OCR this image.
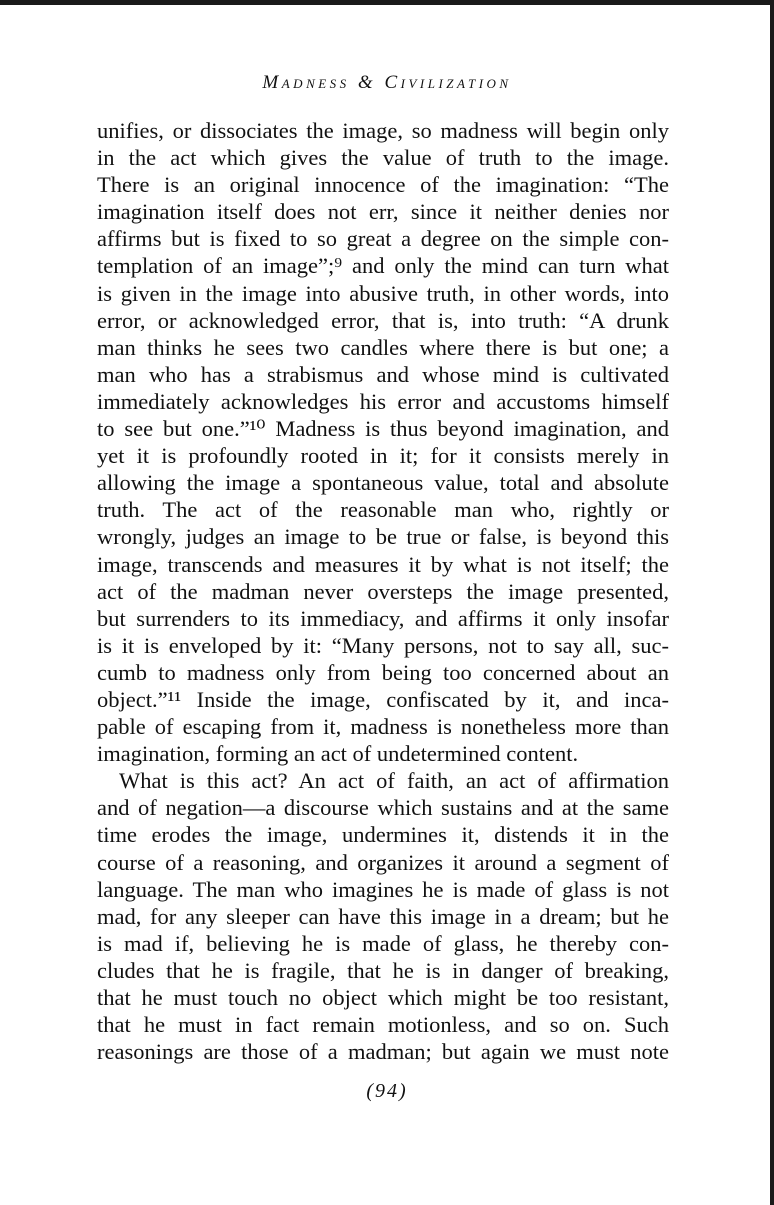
Madness & Civilization
unifies, or dissociates the image, so madness will begin only
in the act which gives the value of truth to the image.
There is an original innocence of the imagination: “The
imagination itself does not err, since it neither denies nor
affirms but is fixed to so great a degree on the simple con-
templation of an image”;⁹ and only the mind can turn what
is given in the image into abusive truth, in other words, into
error, or acknowledged error, that is, into truth: “A drunk
man thinks he sees two candles where there is but one; a
man who has a strabismus and whose mind is cultivated
immediately acknowledges his error and accustoms himself
to see but one.”¹⁰ Madness is thus beyond imagination, and
yet it is profoundly rooted in it; for it consists merely in
allowing the image a spontaneous value, total and absolute
truth. The act of the reasonable man who, rightly or
wrongly, judges an image to be true or false, is beyond this
image, transcends and measures it by what is not itself; the
act of the madman never oversteps the image presented,
but surrenders to its immediacy, and affirms it only insofar
is it is enveloped by it: “Many persons, not to say all, suc-
cumb to madness only from being too concerned about an
object.”¹¹ Inside the image, confiscated by it, and inca-
pable of escaping from it, madness is nonetheless more than
imagination, forming an act of undetermined content.
What is this act? An act of faith, an act of affirmation
and of negation—a discourse which sustains and at the same
time erodes the image, undermines it, distends it in the
course of a reasoning, and organizes it around a segment of
language. The man who imagines he is made of glass is not
mad, for any sleeper can have this image in a dream; but he
is mad if, believing he is made of glass, he thereby con-
cludes that he is fragile, that he is in danger of breaking,
that he must touch no object which might be too resistant,
that he must in fact remain motionless, and so on. Such
reasonings are those of a madman; but again we must note
(94)
